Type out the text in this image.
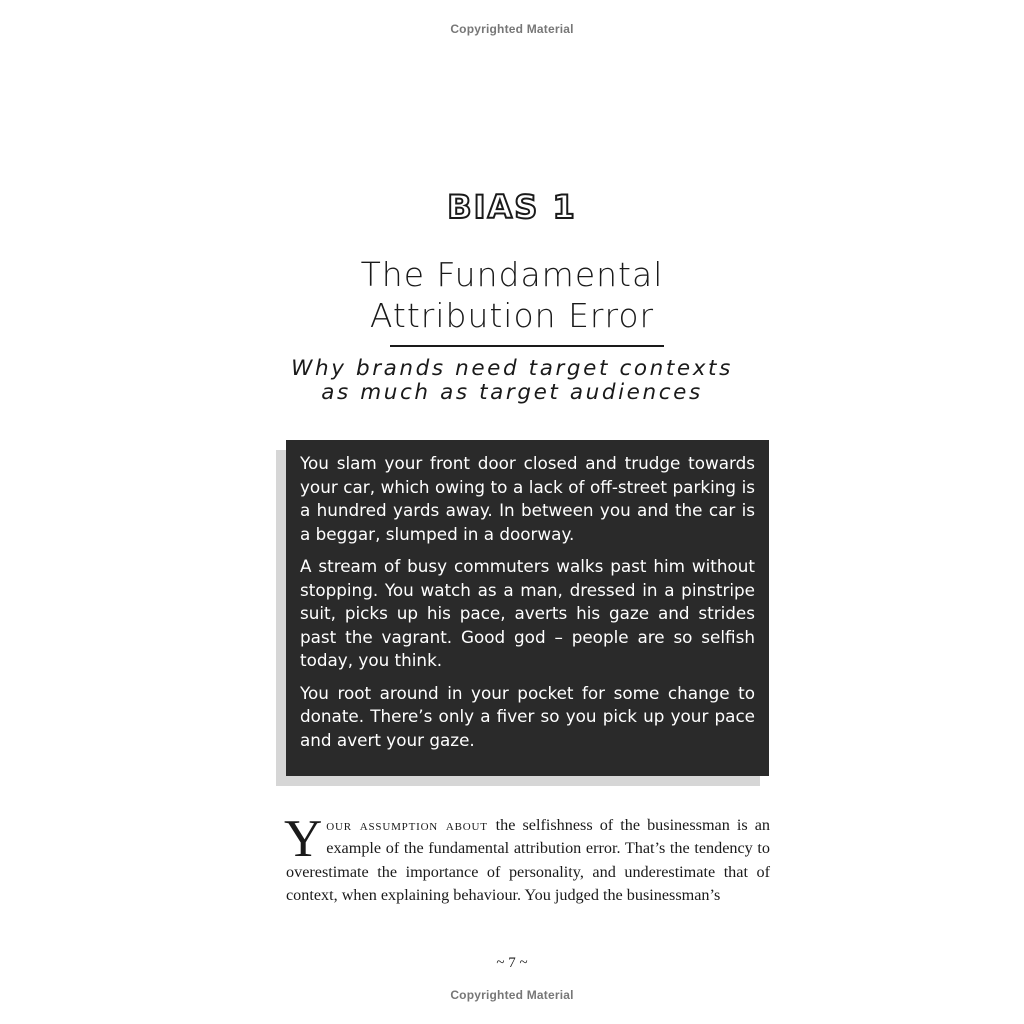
Copyrighted Material
BIAS 1
The Fundamental
Attribution Error
Why brands need target contexts
as much as target audiences

You slam your front door closed and trudge towards your car, which owing to a lack of off-street parking is a hundred yards away. In between you and the car is a beggar, slumped in a doorway.

A stream of busy commuters walks past him without stopping. You watch as a man, dressed in a pinstripe suit, picks up his pace, averts his gaze and strides past the vagrant. Good god – people are so selfish today, you think.

You root around in your pocket for some change to donate. There’s only a fiver so you pick up your pace and avert your gaze.

Y our assumption about the selfishness of the businessman is an example of the fundamental attribution error. That’s the tendency to overestimate the importance of personality, and underestimate that of context, when explaining behaviour. You judged the businessman’s
~ 7 ~
Copyrighted Material
